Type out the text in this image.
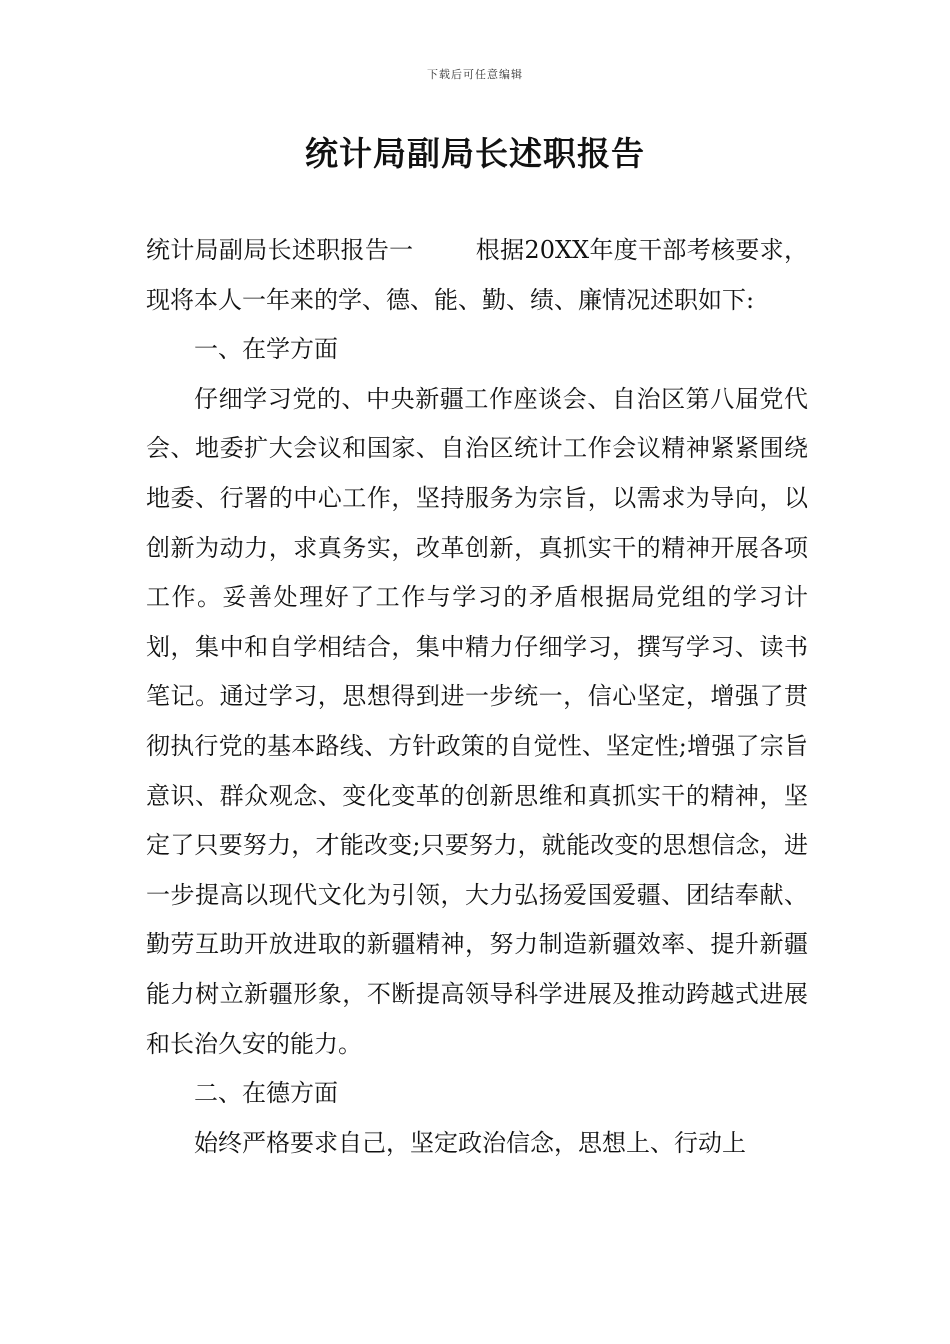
下载后可任意编辑
统计局副局长述职报告

统计局副局长述职报告一	根据20XX年度干部考核要求，现将本人一年来的学、德、能、勤、绩、廉情况述职如下:

一、在学方面

仔细学习党的、中央新疆工作座谈会、自治区第八届党代会、地委扩大会议和国家、自治区统计工作会议精神紧紧围绕地委、行署的中心工作，坚持服务为宗旨，以需求为导向，以创新为动力，求真务实，改革创新，真抓实干的精神开展各项工作。妥善处理好了工作与学习的矛盾根据局党组的学习计划，集中和自学相结合，集中精力仔细学习，撰写学习、读书笔记。通过学习，思想得到进一步统一，信心坚定，增强了贯彻执行党的基本路线、方针政策的自觉性、坚定性;增强了宗旨意识、群众观念、变化变革的创新思维和真抓实干的精神，坚定了只要努力，才能改变;只要努力，就能改变的思想信念，进一步提高以现代文化为引领，大力弘扬爱国爱疆、团结奉献、勤劳互助开放进取的新疆精神，努力制造新疆效率、提升新疆能力树立新疆形象，不断提高领导科学进展及推动跨越式进展和长治久安的能力。

二、在德方面

始终严格要求自己，坚定政治信念，思想上、行动上
